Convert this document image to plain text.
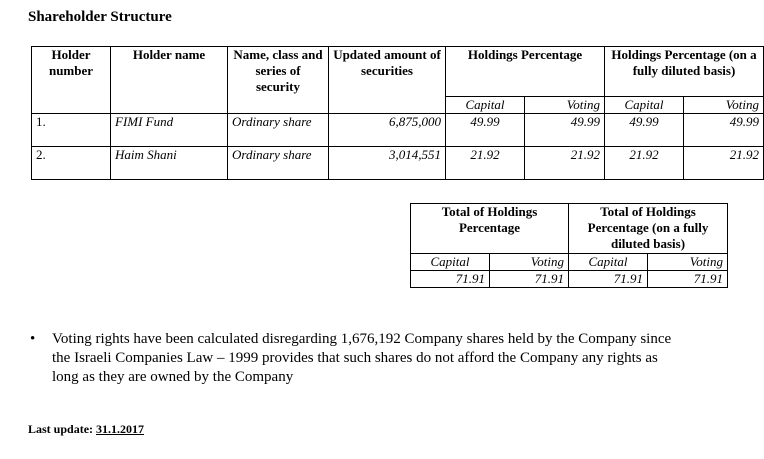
Shareholder Structure
Holder number	Holder name	Name, class and series of security	Updated amount of securities	Holdings Percentage		Holdings Percentage (on a fully diluted basis)	
				Capital	Voting	Capital	Voting
1.	FIMI Fund	Ordinary share	6,875,000	49.99	49.99	49.99	49.99
2.	Haim Shani	Ordinary share	3,014,551	21.92	21.92	21.92	21.92
Total of Holdings Percentage		Total of Holdings Percentage (on a fully diluted basis)	
Capital	Voting	Capital	Voting
71.91	71.91	71.91	71.91
• Voting rights have been calculated disregarding 1,676,192 Company shares held by the Company since the Israeli Companies Law – 1999 provides that such shares do not afford the Company any rights as long as they are owned by the Company
Last update: 31.1.2017
